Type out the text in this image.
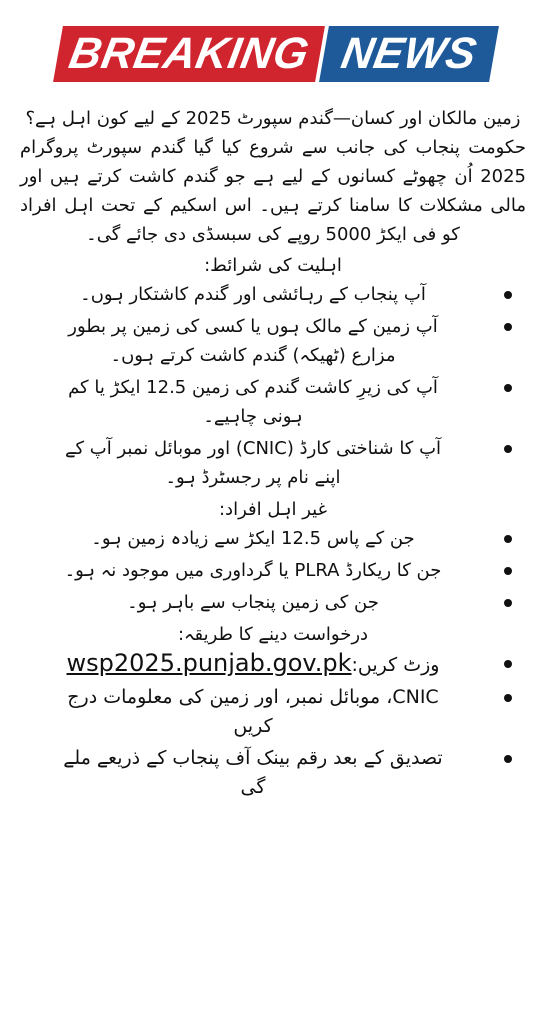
BREAKING NEWS

زمین مالکان اور کسان—گندم سپورٹ 2025 کے لیے کون اہل ہے؟

حکومت پنجاب کی جانب سے شروع کیا گیا گندم سپورٹ پروگرام 2025 اُن چھوٹے کسانوں کے لیے ہے جو گندم کاشت کرتے ہیں اور مالی مشکلات کا سامنا کرتے ہیں۔ اس اسکیم کے تحت اہل افراد کو فی ایکڑ 5000 روپے کی سبسڈی دی جائے گی۔

اہلیت کی شرائط:

آپ پنجاب کے رہائشی اور گندم کاشتکار ہوں۔
آپ زمین کے مالک ہوں یا کسی کی زمین پر بطور مزارع (ٹھیکہ) گندم کاشت کرتے ہوں۔
آپ کی زیرِ کاشت گندم کی زمین 12.5 ایکڑ یا کم ہونی چاہیے۔
آپ کا شناختی کارڈ (CNIC) اور موبائل نمبر آپ کے اپنے نام پر رجسٹرڈ ہو۔

غیر اہل افراد:

جن کے پاس 12.5 ایکڑ سے زیادہ زمین ہو۔
جن کا ریکارڈ PLRA یا گرداوری میں موجود نہ ہو۔
جن کی زمین پنجاب سے باہر ہو۔

درخواست دینے کا طریقہ:

وزٹ کریں:wsp2025.punjab.gov.pk
CNIC، موبائل نمبر، اور زمین کی معلومات درج کریں
تصدیق کے بعد رقم بینک آف پنجاب کے ذریعے ملے گی
